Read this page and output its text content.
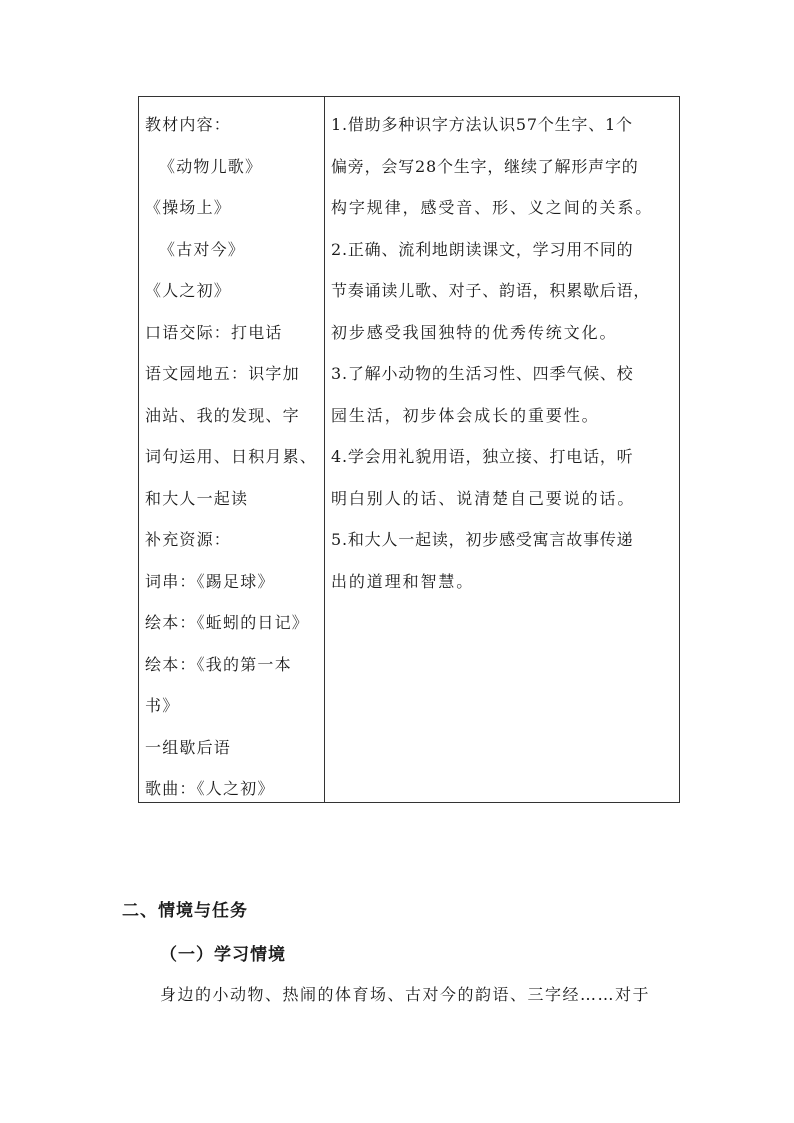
教材内容：
《动物儿歌》
《操场上》
《古对今》
《人之初》
口语交际：打电话
语文园地五：识字加
油站、我的发现、字
词句运用、日积月累、
和大人一起读
补充资源：
词串：《踢足球》
绘本：《蚯蚓的日记》
绘本：《我的第一本
书》
一组歇后语
歌曲：《人之初》
1.借助多种识字方法认识57个生字、1个
偏旁，会写28个生字，继续了解形声字的
构字规律，感受音、形、义之间的关系。
2.正确、流利地朗读课文，学习用不同的
节奏诵读儿歌、对子、韵语，积累歇后语，
初步感受我国独特的优秀传统文化。
3.了解小动物的生活习性、四季气候、校
园生活，初步体会成长的重要性。
4.学会用礼貌用语，独立接、打电话，听
明白别人的话、说清楚自己要说的话。
5.和大人一起读，初步感受寓言故事传递
出的道理和智慧。
二、情境与任务
（一）学习情境
身边的小动物、热闹的体育场、古对今的韵语、三字经……对于
